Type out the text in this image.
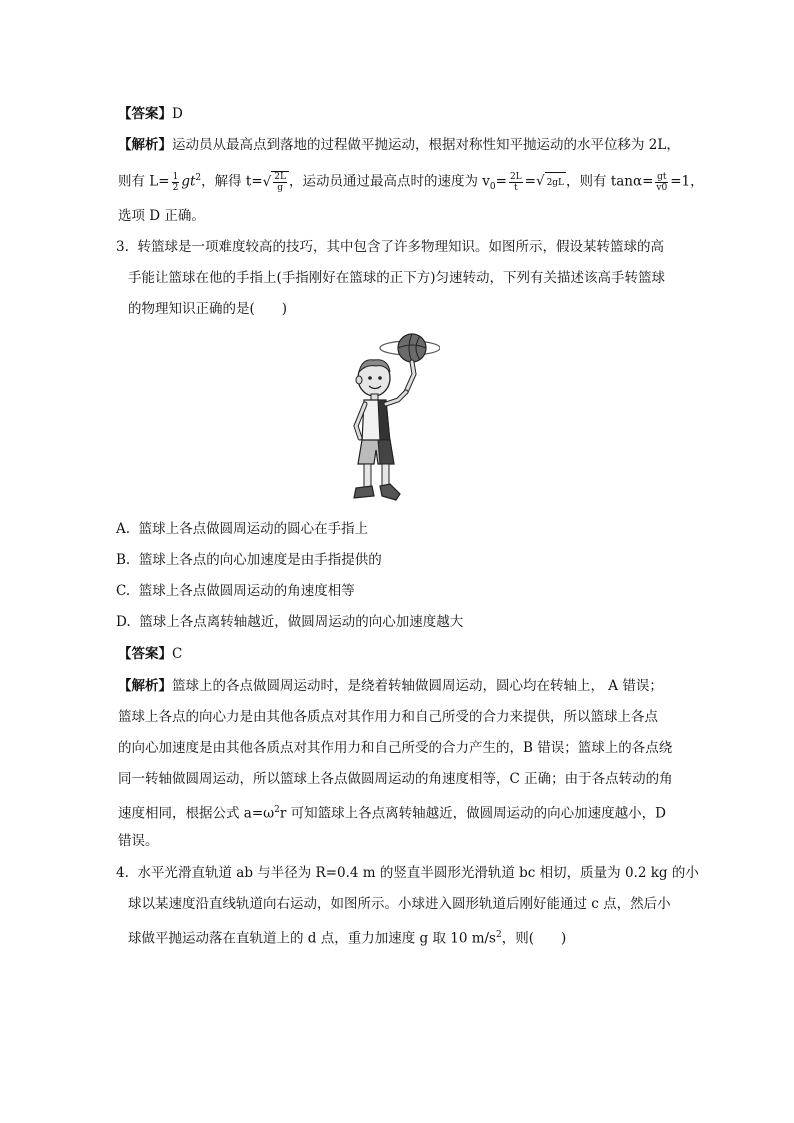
【答案】D
【解析】运动员从最高点到落地的过程做平抛运动，根据对称性知平抛运动的水平位移为 2L，
则有 $L= \frac{1}{2} gt^2$，解得 $t=√ \frac{2L}{g}$ ，运动员通过最高点时的速度为 $v_0= \frac{2L}{t}$ =√ 2gL ，则有 $\tan\alpha= \frac{gt}{v0} =1$，
选项 D 正确。
3. 转篮球是一项难度较高的技巧，其中包含了许多物理知识。如图所示，假设某转篮球的高
手能让篮球在他的手指上(手指刚好在篮球的正下方)匀速转动，下列有关描述该高手转篮球
的物理知识正确的是(　　)
A. 篮球上各点做圆周运动的圆心在手指上
B. 篮球上各点的向心加速度是由手指提供的
C. 篮球上各点做圆周运动的角速度相等
D. 篮球上各点离转轴越近，做圆周运动的向心加速度越大
【答案】C
【解析】篮球上的各点做圆周运动时，是绕着转轴做圆周运动，圆心均在转轴上， A 错误；
篮球上各点的向心力是由其他各质点对其作用力和自己所受的合力来提供，所以篮球上各点
的向心加速度是由其他各质点对其作用力和自己所受的合力产生的，B 错误；篮球上的各点绕
同一转轴做圆周运动，所以篮球上各点做圆周运动的角速度相等，C 正确；由于各点转动的角
速度相同，根据公式 $a=\omega^2r$ 可知篮球上各点离转轴越近，做圆周运动的向心加速度越小，D
错误。
4. 水平光滑直轨道 ab 与半径为 R=0.4 m 的竖直半圆形光滑轨道 bc 相切，质量为 0.2 kg 的小
球以某速度沿直线轨道向右运动，如图所示。小球进入圆形轨道后刚好能通过 c 点，然后小
球做平抛运动落在直轨道上的 d 点，重力加速度 g 取 10 $m/s^2$，则(　　)
